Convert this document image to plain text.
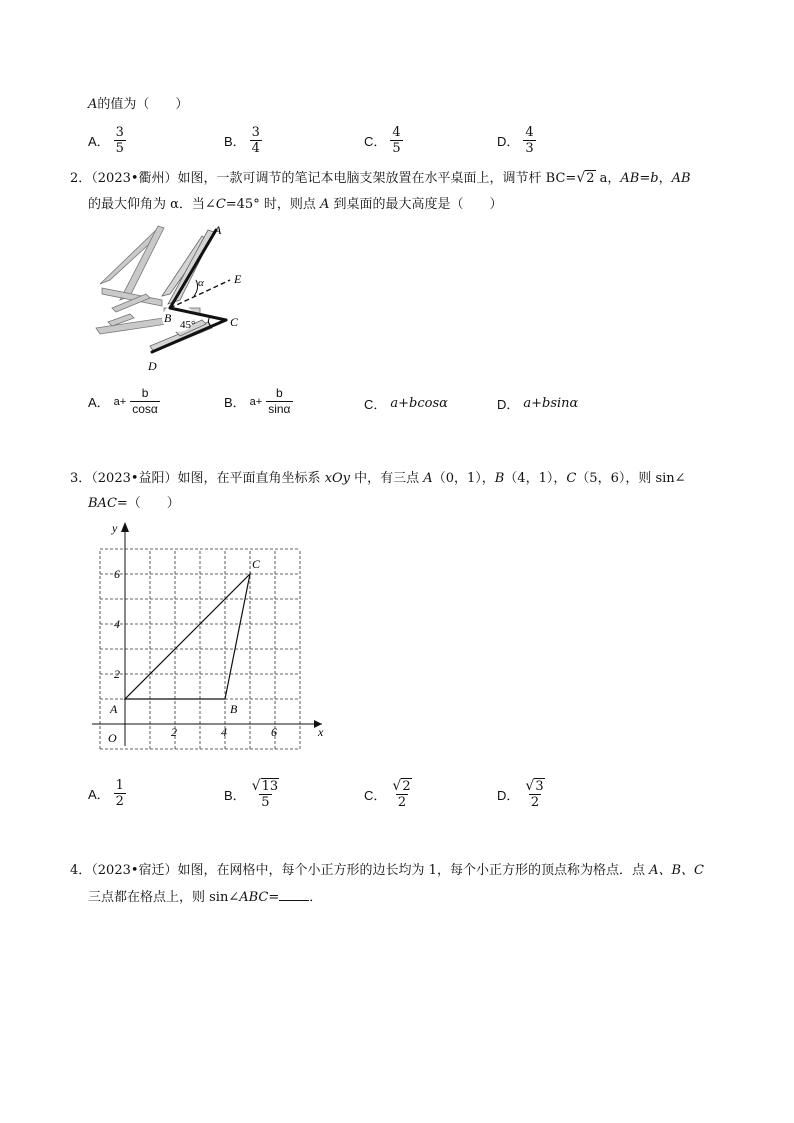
A的值为（　　）
A． $\frac{3}{5}$	B． $\frac{3}{4}$	C． $\frac{4}{5}$	D． $\frac{4}{3}$
2．（2023•衢州）如图，一款可调节的笔记本电脑支架放置在水平桌面上，调节杆 BC= √ 2 a，AB=b，AB
的最大仰角为 α．当∠C=45° 时，则点 A 到桌面的最大高度是（　　）
A
E
α
B 45°	C
D
A． $a+ \frac{b}{\cos\alpha}$	B． $a+ \frac{b}{\sin\alpha}$	C． a+bcosα	D． a+bsinα
3．（2023•益阳）如图，在平面直角坐标系 xOy 中，有三点 A（0，1），B（4，1），C（5，6），则 sin∠
BAC=（　　）
x
y
O	2	4	6
2
4
6
A	B
C
A． $\frac{1}{2}$	B． $\frac{√ 13}{5}$	C． $\frac{√ 2}{2}$	D． $\frac{√ 3}{2}$
4．（2023•宿迁）如图，在网格中，每个小正方形的边长均为 1，每个小正方形的顶点称为格点．点 A、B、C
三点都在格点上，则 sin∠ABC= ．
